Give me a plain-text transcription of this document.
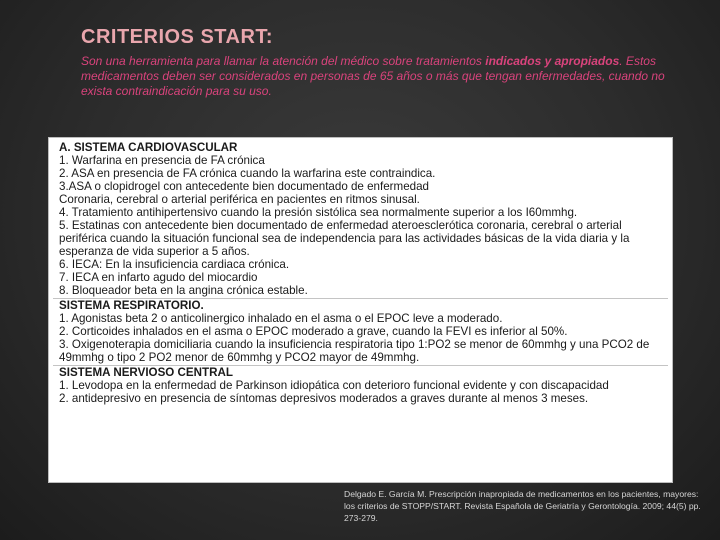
CRITERIOS START:
Son una herramienta para llamar la atención del médico sobre tratamientos indicados y apropiados. Estos medicamentos deben ser considerados en personas de 65 años o más que tengan enfermedades, cuando no exista contraindicación para su uso.
A. SISTEMA CARDIOVASCULAR
1. Warfarina en presencia de FA crónica
2. ASA en presencia de FA crónica cuando la warfarina este contraindica.
3.ASA o clopidrogel con antecedente bien documentado de enfermedad
Coronaria, cerebral o arterial periférica en pacientes en ritmos sinusal.
4. Tratamiento antihipertensivo cuando la presión sistólica sea normalmente superior a los I60mmhg.
5. Estatinas con antecedente bien documentado de enfermedad ateroesclerótica coronaria, cerebral o arterial periférica cuando la situación funcional sea de independencia para las actividades básicas de la vida diaria y la esperanza de vida superior a 5 años.
6. IECA: En la insuficiencia cardiaca crónica.
7. IECA en infarto agudo del miocardio
8. Bloqueador beta en la angina crónica estable.
SISTEMA RESPIRATORIO.
1. Agonistas beta 2 o anticolinergico inhalado en el asma o el EPOC leve a moderado.
2. Corticoides inhalados en el asma o EPOC moderado a grave, cuando la FEVI es inferior al 50%.
3. Oxigenoterapia domiciliaria cuando la insuficiencia respiratoria tipo 1:PO2 se menor de 60mmhg y una PCO2 de 49mmhg o tipo 2 PO2 menor de 60mmhg y PCO2 mayor de 49mmhg.
SISTEMA NERVIOSO CENTRAL
1. Levodopa en la enfermedad de Parkinson idiopática con deterioro funcional evidente y con discapacidad
2. antidepresivo en presencia de síntomas depresivos moderados a graves durante al menos 3 meses.
Delgado E. García M. Prescripción inapropiada de medicamentos en los pacientes, mayores: los criterios de STOPP/START. Revista Española de Geriatría y Gerontología. 2009; 44(5) pp. 273-279.
